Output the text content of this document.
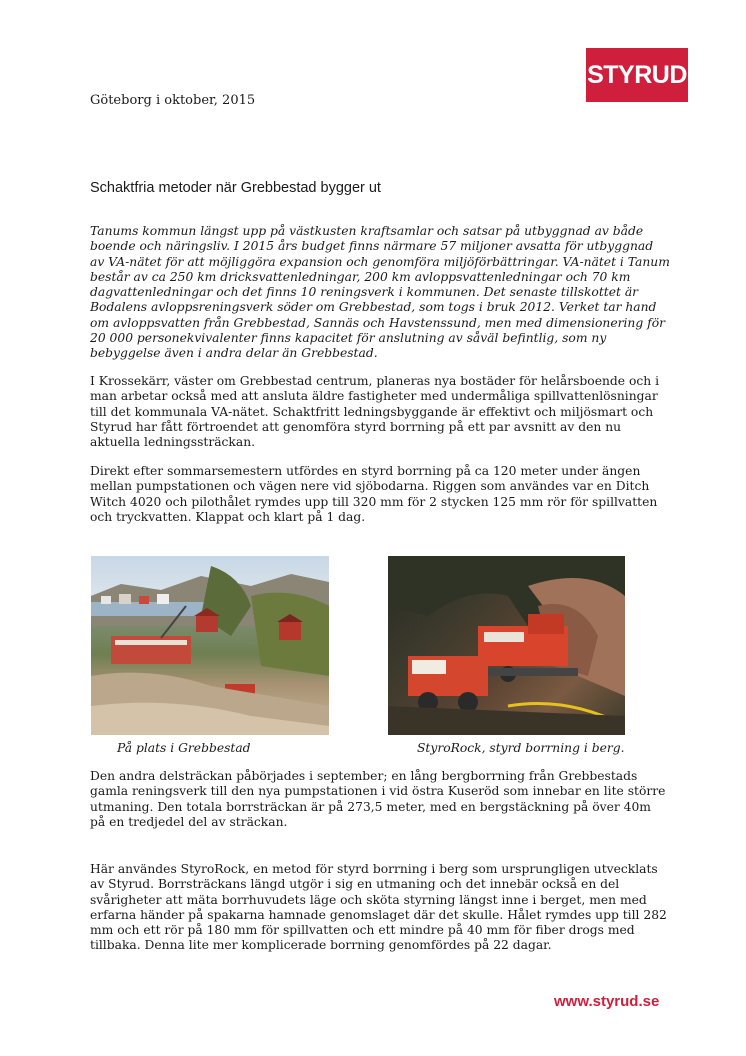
STYRUD
Göteborg i oktober, 2015
Schaktfria metoder när Grebbestad bygger ut

Tanums kommun längst upp på västkusten kraftsamlar och satsar på utbyggnad av både boende och näringsliv. I 2015 års budget finns närmare 57 miljoner avsatta för utbyggnad av VA-nätet för att möjliggöra expansion och genomföra miljöförbättringar. VA-nätet i Tanum består av ca 250 km dricksvattenledningar, 200 km avloppsvattenledningar och 70 km dagvattenledningar och det finns 10 reningsverk i kommunen. Det senaste tillskottet är Bodalens avloppsreningsverk söder om Grebbestad, som togs i bruk 2012. Verket tar hand om avloppsvatten från Grebbestad, Sannäs och Havstenssund, men med dimensionering för 20 000 personekvivalenter finns kapacitet för anslutning av såväl befintlig, som ny bebyggelse även i andra delar än Grebbestad.

I Krossekärr, väster om Grebbestad centrum, planeras nya bostäder för helårsboende och i man arbetar också med att ansluta äldre fastigheter med undermåliga spillvattenlösningar till det kommunala VA-nätet. Schaktfritt ledningsbyggande är effektivt och miljösmart och Styrud har fått förtroendet att genomföra styrd borrning på ett par avsnitt av den nu aktuella ledningssträckan.

Direkt efter sommarsemestern utfördes en styrd borrning på ca 120 meter under ängen mellan pumpstationen och vägen nere vid sjöbodarna. Riggen som användes var en Ditch Witch 4020 och pilothålet rymdes upp till 320 mm för 2 stycken 125 mm rör för spillvatten och tryckvatten. Klappat och klart på 1 dag.

På plats i Grebbestad	StyroRock, styrd borrning i berg.

Den andra delsträckan påbörjades i september; en lång bergborrning från Grebbestads gamla reningsverk till den nya pumpstationen i vid östra Kuseröd som innebar en lite större utmaning. Den totala borrsträckan är på 273,5 meter, med en bergstäckning på över 40m på en tredjedel del av sträckan.

Här användes StyroRock, en metod för styrd borrning i berg som ursprungligen utvecklats av Styrud. Borrsträckans längd utgör i sig en utmaning och det innebär också en del svårigheter att mäta borrhuvudets läge och sköta styrning längst inne i berget, men med erfarna händer på spakarna hamnade genomslaget där det skulle. Hålet rymdes upp till 282 mm och ett rör på 180 mm för spillvatten och ett mindre på 40 mm för fiber drogs med tillbaka. Denna lite mer komplicerade borrning genomfördes på 22 dagar.

www.styrud.se
